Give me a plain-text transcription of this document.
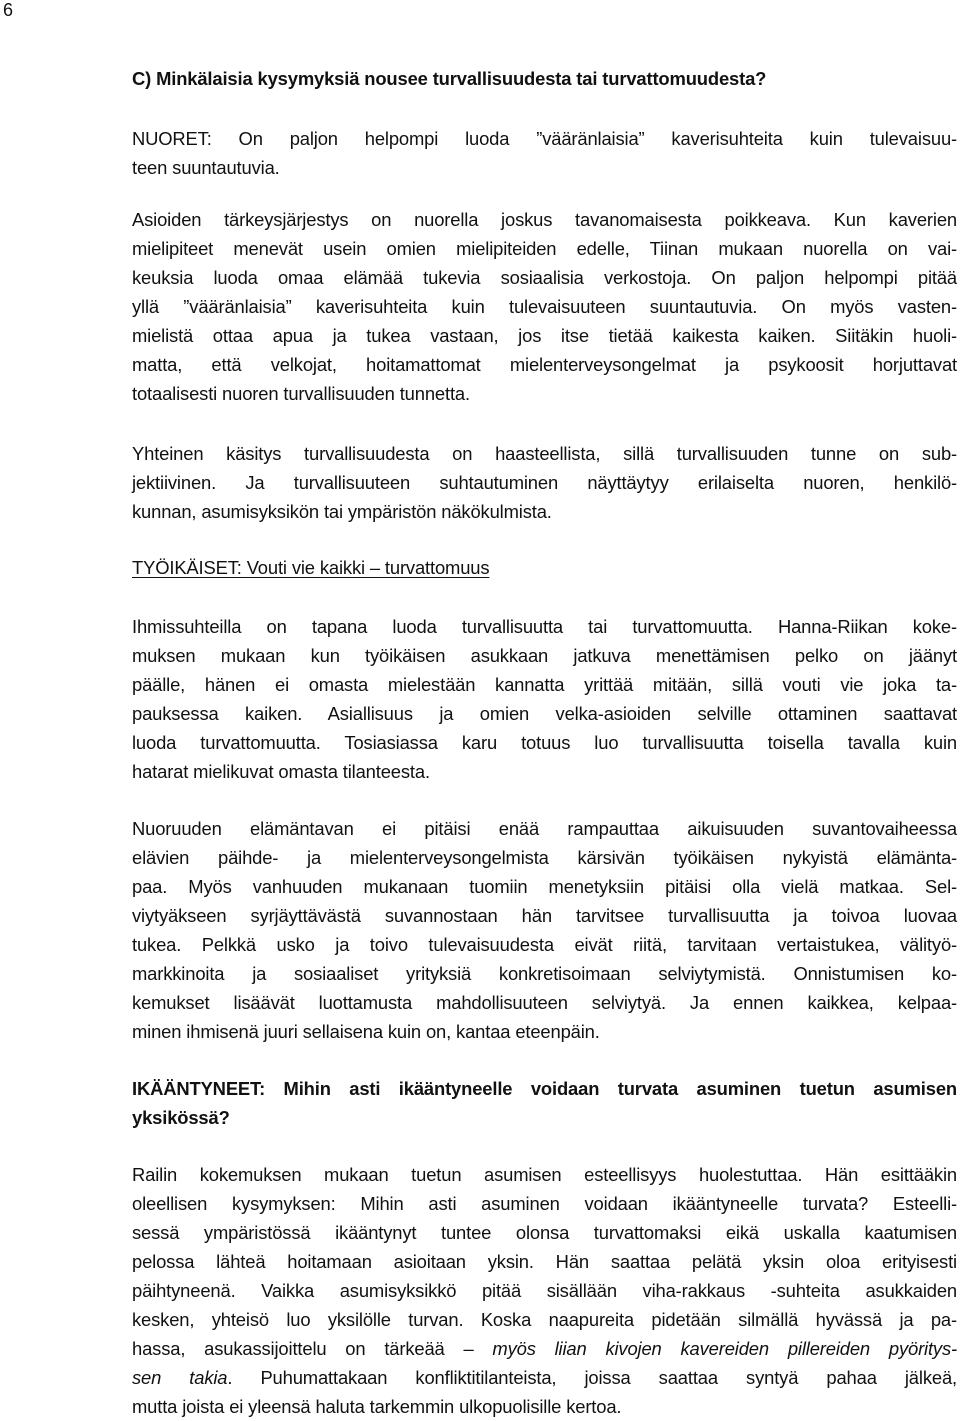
6
C) Minkälaisia kysymyksiä nousee turvallisuudesta tai turvattomuudesta?
NUORET: On paljon helpompi luoda ”vääränlaisia” kaverisuhteita kuin tulevaisuu-
teen suuntautuvia.
Asioiden tärkeysjärjestys on nuorella joskus tavanomaisesta poikkeava. Kun kaverien
mielipiteet menevät usein omien mielipiteiden edelle, Tiinan mukaan nuorella on vai-
keuksia luoda omaa elämää tukevia sosiaalisia verkostoja. On paljon helpompi pitää
yllä ”vääränlaisia” kaverisuhteita kuin tulevaisuuteen suuntautuvia. On myös vasten-
mielistä ottaa apua ja tukea vastaan, jos itse tietää kaikesta kaiken. Siitäkin huoli-
matta, että velkojat, hoitamattomat mielenterveysongelmat ja psykoosit horjuttavat
totaalisesti nuoren turvallisuuden tunnetta.
Yhteinen käsitys turvallisuudesta on haasteellista, sillä turvallisuuden tunne on sub-
jektiivinen. Ja turvallisuuteen suhtautuminen näyttäytyy erilaiselta nuoren, henkilö-
kunnan, asumisyksikön tai ympäristön näkökulmista.
TYÖIKÄISET: Vouti vie kaikki – turvattomuus
Ihmissuhteilla on tapana luoda turvallisuutta tai turvattomuutta. Hanna-Riikan koke-
muksen mukaan kun työikäisen asukkaan jatkuva menettämisen pelko on jäänyt
päälle, hänen ei omasta mielestään kannatta yrittää mitään, sillä vouti vie joka ta-
pauksessa kaiken. Asiallisuus ja omien velka-asioiden selville ottaminen saattavat
luoda turvattomuutta. Tosiasiassa karu totuus luo turvallisuutta toisella tavalla kuin
hatarat mielikuvat omasta tilanteesta.
Nuoruuden elämäntavan ei pitäisi enää rampauttaa aikuisuuden suvantovaiheessa
elävien päihde- ja mielenterveysongelmista kärsivän työikäisen nykyistä elämänta-
paa. Myös vanhuuden mukanaan tuomiin menetyksiin pitäisi olla vielä matkaa. Sel-
viytyäkseen syrjäyttävästä suvannostaan hän tarvitsee turvallisuutta ja toivoa luovaa
tukea. Pelkkä usko ja toivo tulevaisuudesta eivät riitä, tarvitaan vertaistukea, välityö-
markkinoita ja sosiaaliset yrityksiä konkretisoimaan selviytymistä. Onnistumisen ko-
kemukset lisäävät luottamusta mahdollisuuteen selviytyä. Ja ennen kaikkea, kelpaa-
minen ihmisenä juuri sellaisena kuin on, kantaa eteenpäin.
IKÄÄNTYNEET: Mihin asti ikääntyneelle voidaan turvata asuminen tuetun asumisen
yksikössä?
Railin kokemuksen mukaan tuetun asumisen esteellisyys huolestuttaa. Hän esittääkin
oleellisen kysymyksen: Mihin asti asuminen voidaan ikääntyneelle turvata? Esteelli-
sessä ympäristössä ikääntynyt tuntee olonsa turvattomaksi eikä uskalla kaatumisen
pelossa lähteä hoitamaan asioitaan yksin. Hän saattaa pelätä yksin oloa erityisesti
päihtyneenä. Vaikka asumisyksikkö pitää sisällään viha-rakkaus -suhteita asukkaiden
kesken, yhteisö luo yksilölle turvan. Koska naapureita pidetään silmällä hyvässä ja pa-
hassa, asukassijoittelu on tärkeää – myös liian kivojen kavereiden pillereiden pyöritys-
sen takia. Puhumattakaan konfliktitilanteista, joissa saattaa syntyä pahaa jälkeä,
mutta joista ei yleensä haluta tarkemmin ulkopuolisille kertoa.
